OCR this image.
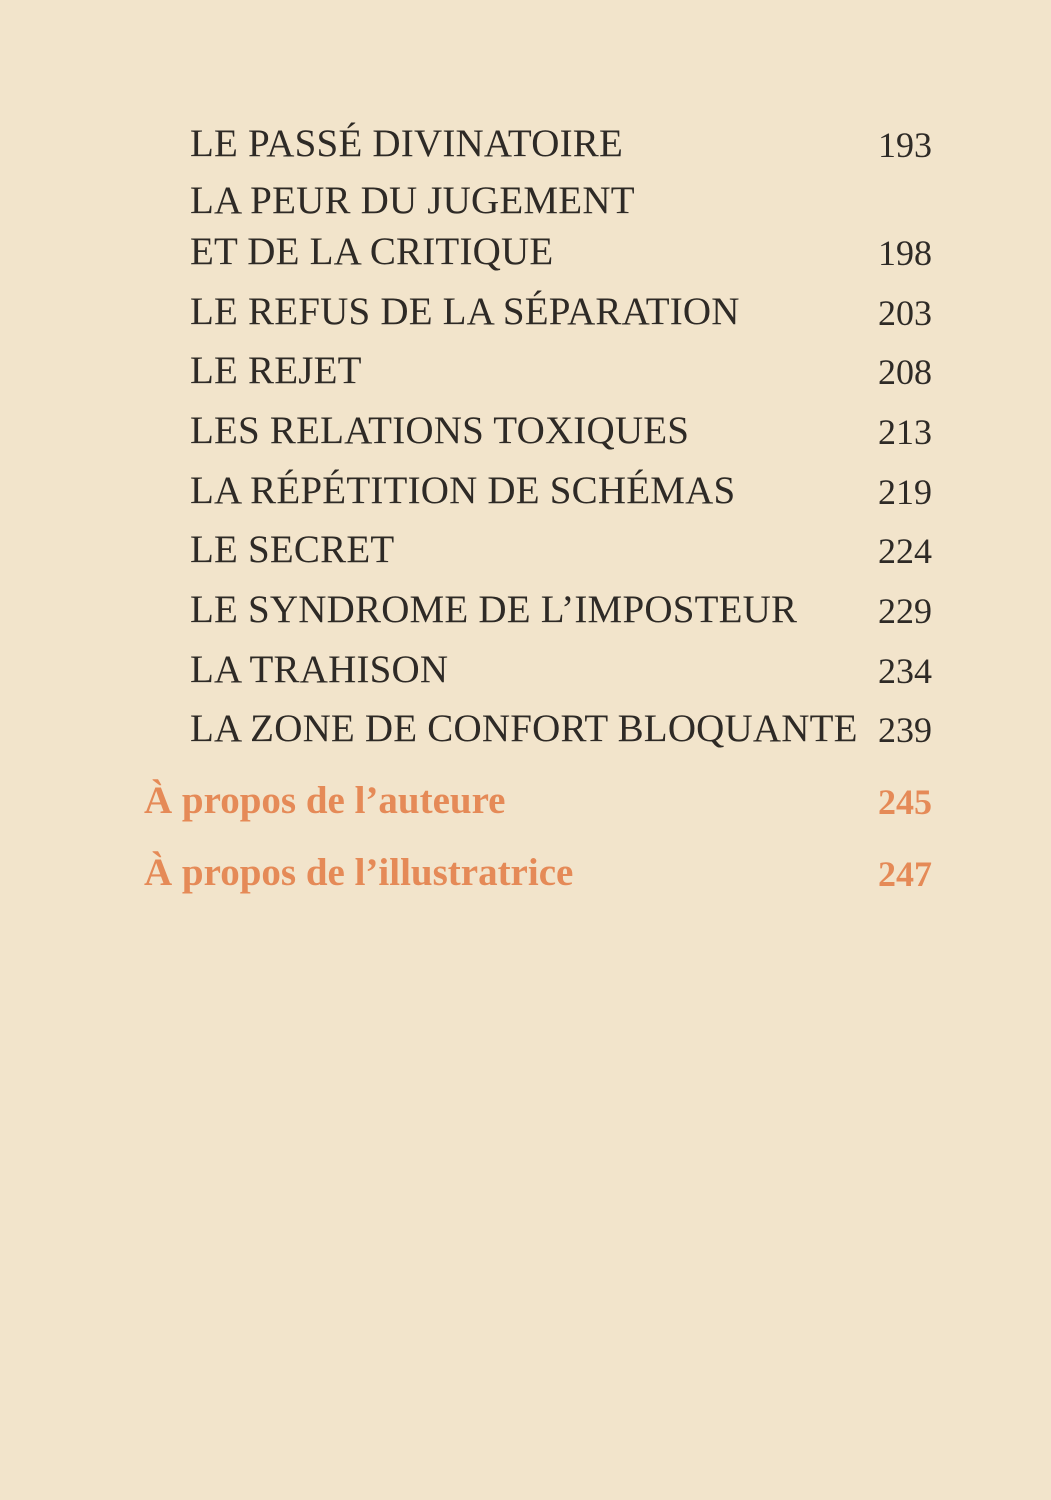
LE PASSÉ DIVINATOIRE	193
LA PEUR DU JUGEMENT
ET DE LA CRITIQUE	198
LE REFUS DE LA SÉPARATION	203
LE REJET	208
LES RELATIONS TOXIQUES	213
LA RÉPÉTITION DE SCHÉMAS	219
LE SECRET	224
LE SYNDROME DE L’IMPOSTEUR 229
LA TRAHISON	234
LA ZONE DE CONFORT BLOQUANTE 239
À propos de l’auteure	245
À propos de l’illustratrice	247
